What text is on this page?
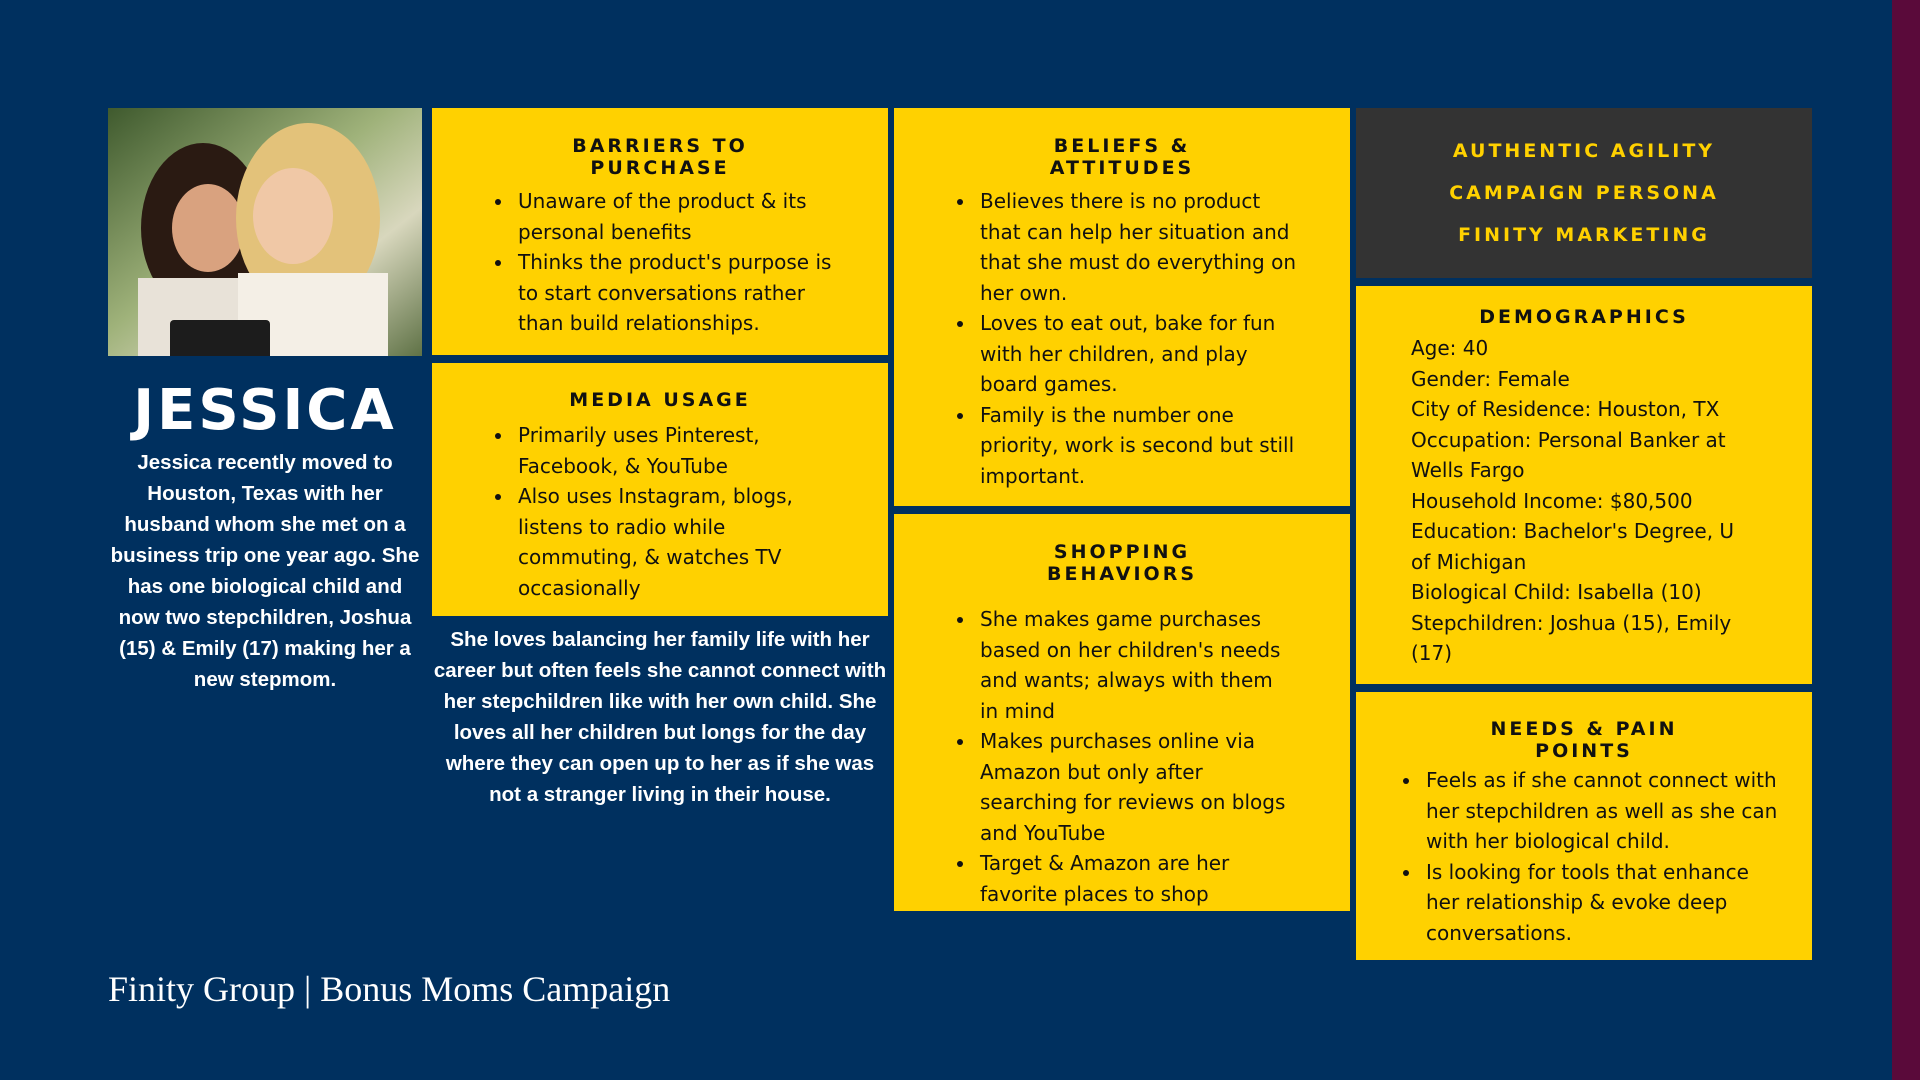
JESSICA
Jessica recently moved to Houston, Texas with her husband whom she met on a business trip one year ago. She has one biological child and now two stepchildren, Joshua (15) & Emily (17) making her a new stepmom.
BARRIERS TO
PURCHASE
• Unaware of the product & its personal benefits
• Thinks the product's purpose is to start conversations rather than build relationships.
MEDIA USAGE
• Primarily uses Pinterest, Facebook, & YouTube
• Also uses Instagram, blogs, listens to radio while commuting, & watches TV occasionally
She loves balancing her family life with her career but often feels she cannot connect with her stepchildren like with her own child. She loves all her children but longs for the day where they can open up to her as if she was not a stranger living in their house.
BELIEFS &
ATTITUDES
• Believes there is no product that can help her situation and that she must do everything on her own.
• Loves to eat out, bake for fun with her children, and play board games.
• Family is the number one priority, work is second but still important.
SHOPPING
BEHAVIORS
• She makes game purchases based on her children's needs and wants; always with them in mind
• Makes purchases online via Amazon but only after searching for reviews on blogs and YouTube
• Target & Amazon are her favorite places to shop
AUTHENTIC AGILITY
CAMPAIGN PERSONA
FINITY MARKETING
DEMOGRAPHICS
Age: 40
Gender: Female
City of Residence: Houston, TX
Occupation: Personal Banker at Wells Fargo
Household Income: $80,500
Education: Bachelor's Degree, U of Michigan
Biological Child: Isabella (10)
Stepchildren: Joshua (15), Emily (17)
NEEDS & PAIN
POINTS
• Feels as if she cannot connect with her stepchildren as well as she can with her biological child.
• Is looking for tools that enhance her relationship & evoke deep conversations.
Finity Group | Bonus Moms Campaign
